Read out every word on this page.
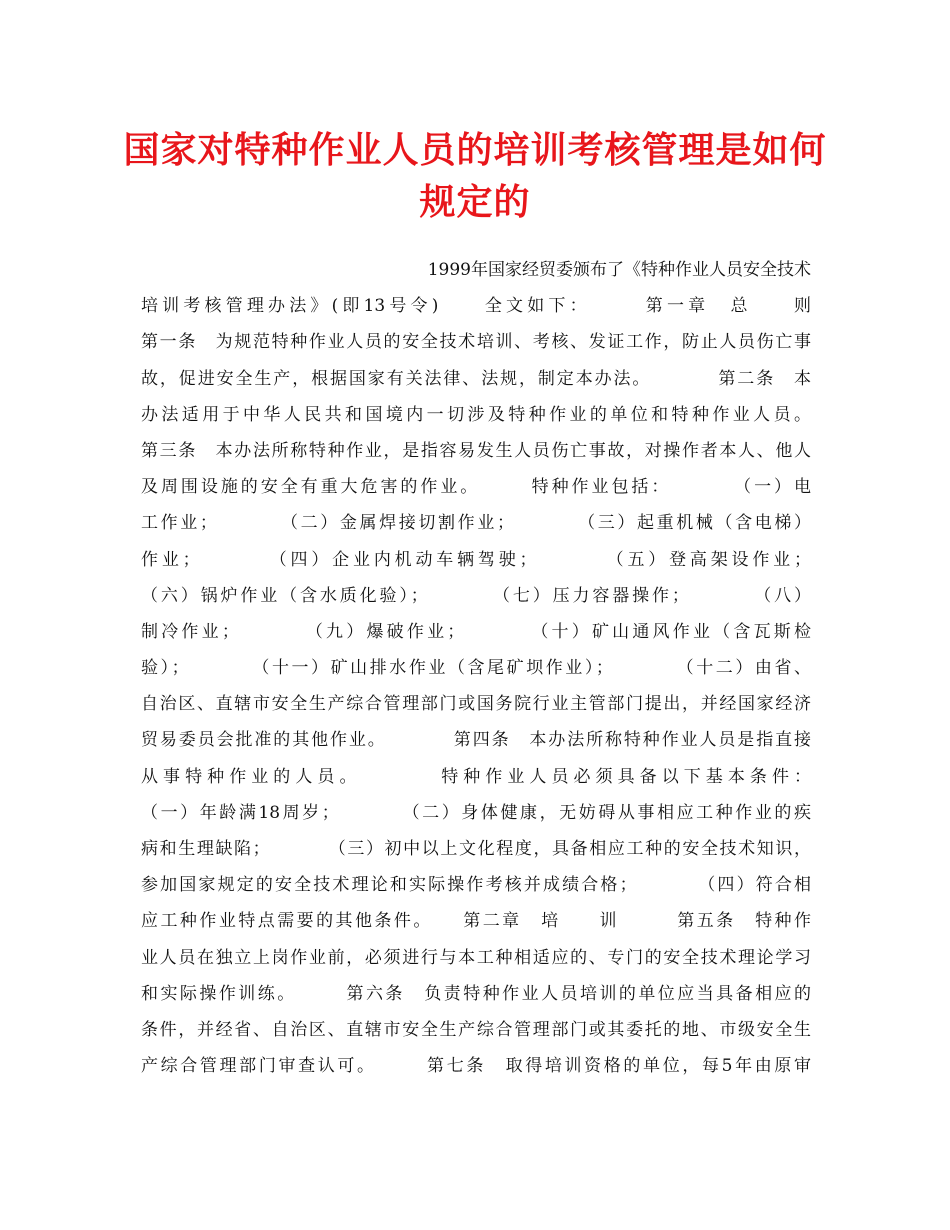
国家对特种作业人员的培训考核管理是如何
规定的
1999年国家经贸委颁布了《特种作业人员安全技术
培训考核管理办法》(即13号令)　　全文如下：　　　第一章　总　　则
第一条　为规范特种作业人员的安全技术培训、考核、发证工作，防止人员伤亡事
故，促进安全生产，根据国家有关法律、法规，制定本办法。　　　　第二条　本
办法适用于中华人民共和国境内一切涉及特种作业的单位和特种作业人员。
第三条　本办法所称特种作业，是指容易发生人员伤亡事故，对操作者本人、他人
及周围设施的安全有重大危害的作业。　　　特种作业包括：　　　　（一）电
工作业；　　　　（二）金属焊接切割作业；　　　　（三）起重机械（含电梯）
作业；　　　　（四）企业内机动车辆驾驶；　　　　（五）登高架设作业；
（六）锅炉作业（含水质化验）；　　　　（七）压力容器操作；　　　　（八）
制冷作业；　　　　（九）爆破作业；　　　　（十）矿山通风作业（含瓦斯检
验）；　　　　（十一）矿山排水作业（含尾矿坝作业）；　　　　（十二）由省、
自治区、直辖市安全生产综合管理部门或国务院行业主管部门提出，并经国家经济
贸易委员会批准的其他作业。　　　　第四条　本办法所称特种作业人员是指直接
从事特种作业的人员。　　　　特种作业人员必须具备以下基本条件：
（一）年龄满18周岁；　　　　（二）身体健康，无妨碍从事相应工种作业的疾
病和生理缺陷；　　　　（三）初中以上文化程度，具备相应工种的安全技术知识，
参加国家规定的安全技术理论和实际操作考核并成绩合格；　　　　（四）符合相
应工种作业特点需要的其他条件。　　第二章　培　　训　　　第五条　特种作
业人员在独立上岗作业前，必须进行与本工种相适应的、专门的安全技术理论学习
和实际操作训练。　　　第六条　负责特种作业人员培训的单位应当具备相应的
条件，并经省、自治区、直辖市安全生产综合管理部门或其委托的地、市级安全生
产综合管理部门审查认可。　　　第七条　取得培训资格的单位，每5年由原审
